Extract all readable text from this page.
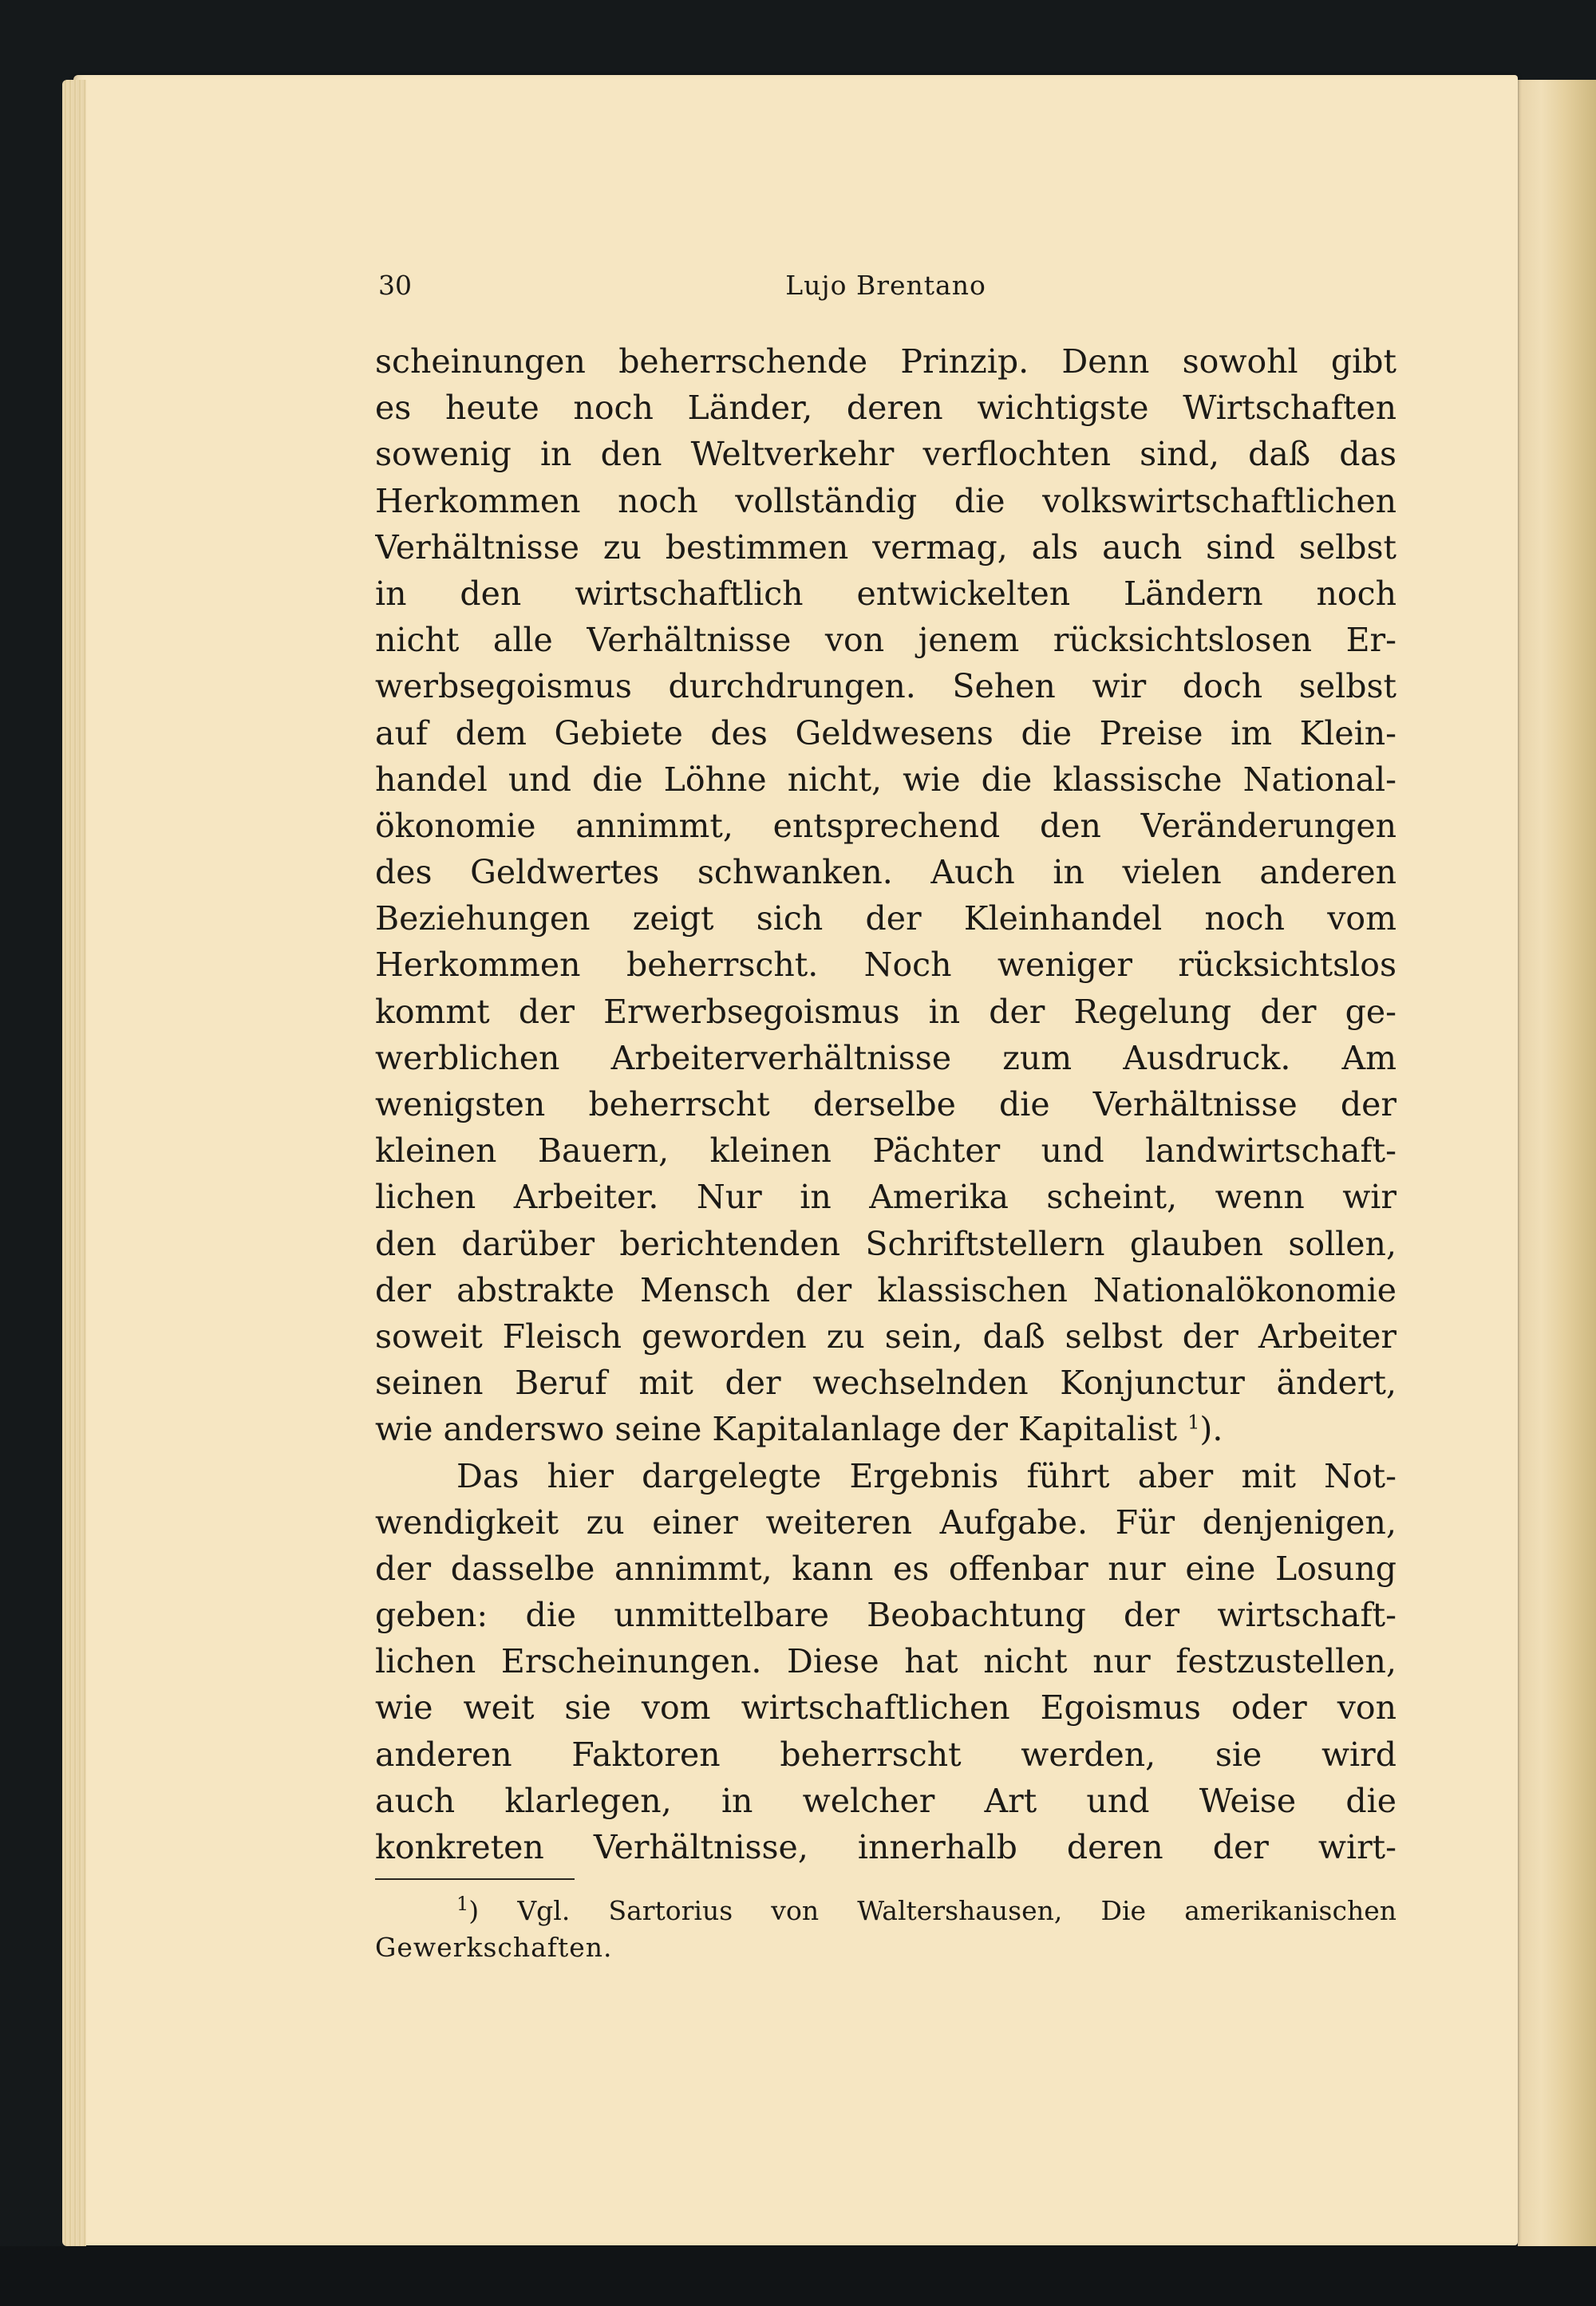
30	Lujo Brentano
scheinungen beherrschende Prinzip. Denn sowohl gibt
es heute noch Länder, deren wichtigste Wirtschaften
sowenig in den Weltverkehr verflochten sind, daß das
Herkommen noch vollständig die volkswirtschaftlichen
Verhältnisse zu bestimmen vermag, als auch sind selbst
in den wirtschaftlich entwickelten Ländern noch
nicht alle Verhältnisse von jenem rücksichtslosen Er-
werbsegoismus durchdrungen. Sehen wir doch selbst
auf dem Gebiete des Geldwesens die Preise im Klein-
handel und die Löhne nicht, wie die klassische National-
ökonomie annimmt, entsprechend den Veränderungen
des Geldwertes schwanken. Auch in vielen anderen
Beziehungen zeigt sich der Kleinhandel noch vom
Herkommen beherrscht. Noch weniger rücksichtslos
kommt der Erwerbsegoismus in der Regelung der ge-
werblichen Arbeiterverhältnisse zum Ausdruck. Am
wenigsten beherrscht derselbe die Verhältnisse der
kleinen Bauern, kleinen Pächter und landwirtschaft-
lichen Arbeiter. Nur in Amerika scheint, wenn wir
den darüber berichtenden Schriftstellern glauben sollen,
der abstrakte Mensch der klassischen Nationalökonomie
soweit Fleisch geworden zu sein, daß selbst der Arbeiter
seinen Beruf mit der wechselnden Konjunctur ändert,
wie anderswo seine Kapitalanlage der Kapitalist $^1$).
Das hier dargelegte Ergebnis führt aber mit Not-
wendigkeit zu einer weiteren Aufgabe. Für denjenigen,
der dasselbe annimmt, kann es offenbar nur eine Losung
geben: die unmittelbare Beobachtung der wirtschaft-
lichen Erscheinungen. Diese hat nicht nur festzustellen,
wie weit sie vom wirtschaftlichen Egoismus oder von
anderen Faktoren beherrscht werden, sie wird
auch klarlegen, in welcher Art und Weise die
konkreten Verhältnisse, innerhalb deren der wirt-
$^1$) Vgl. Sartorius von Waltershausen, Die amerikanischen
Gewerkschaften.
